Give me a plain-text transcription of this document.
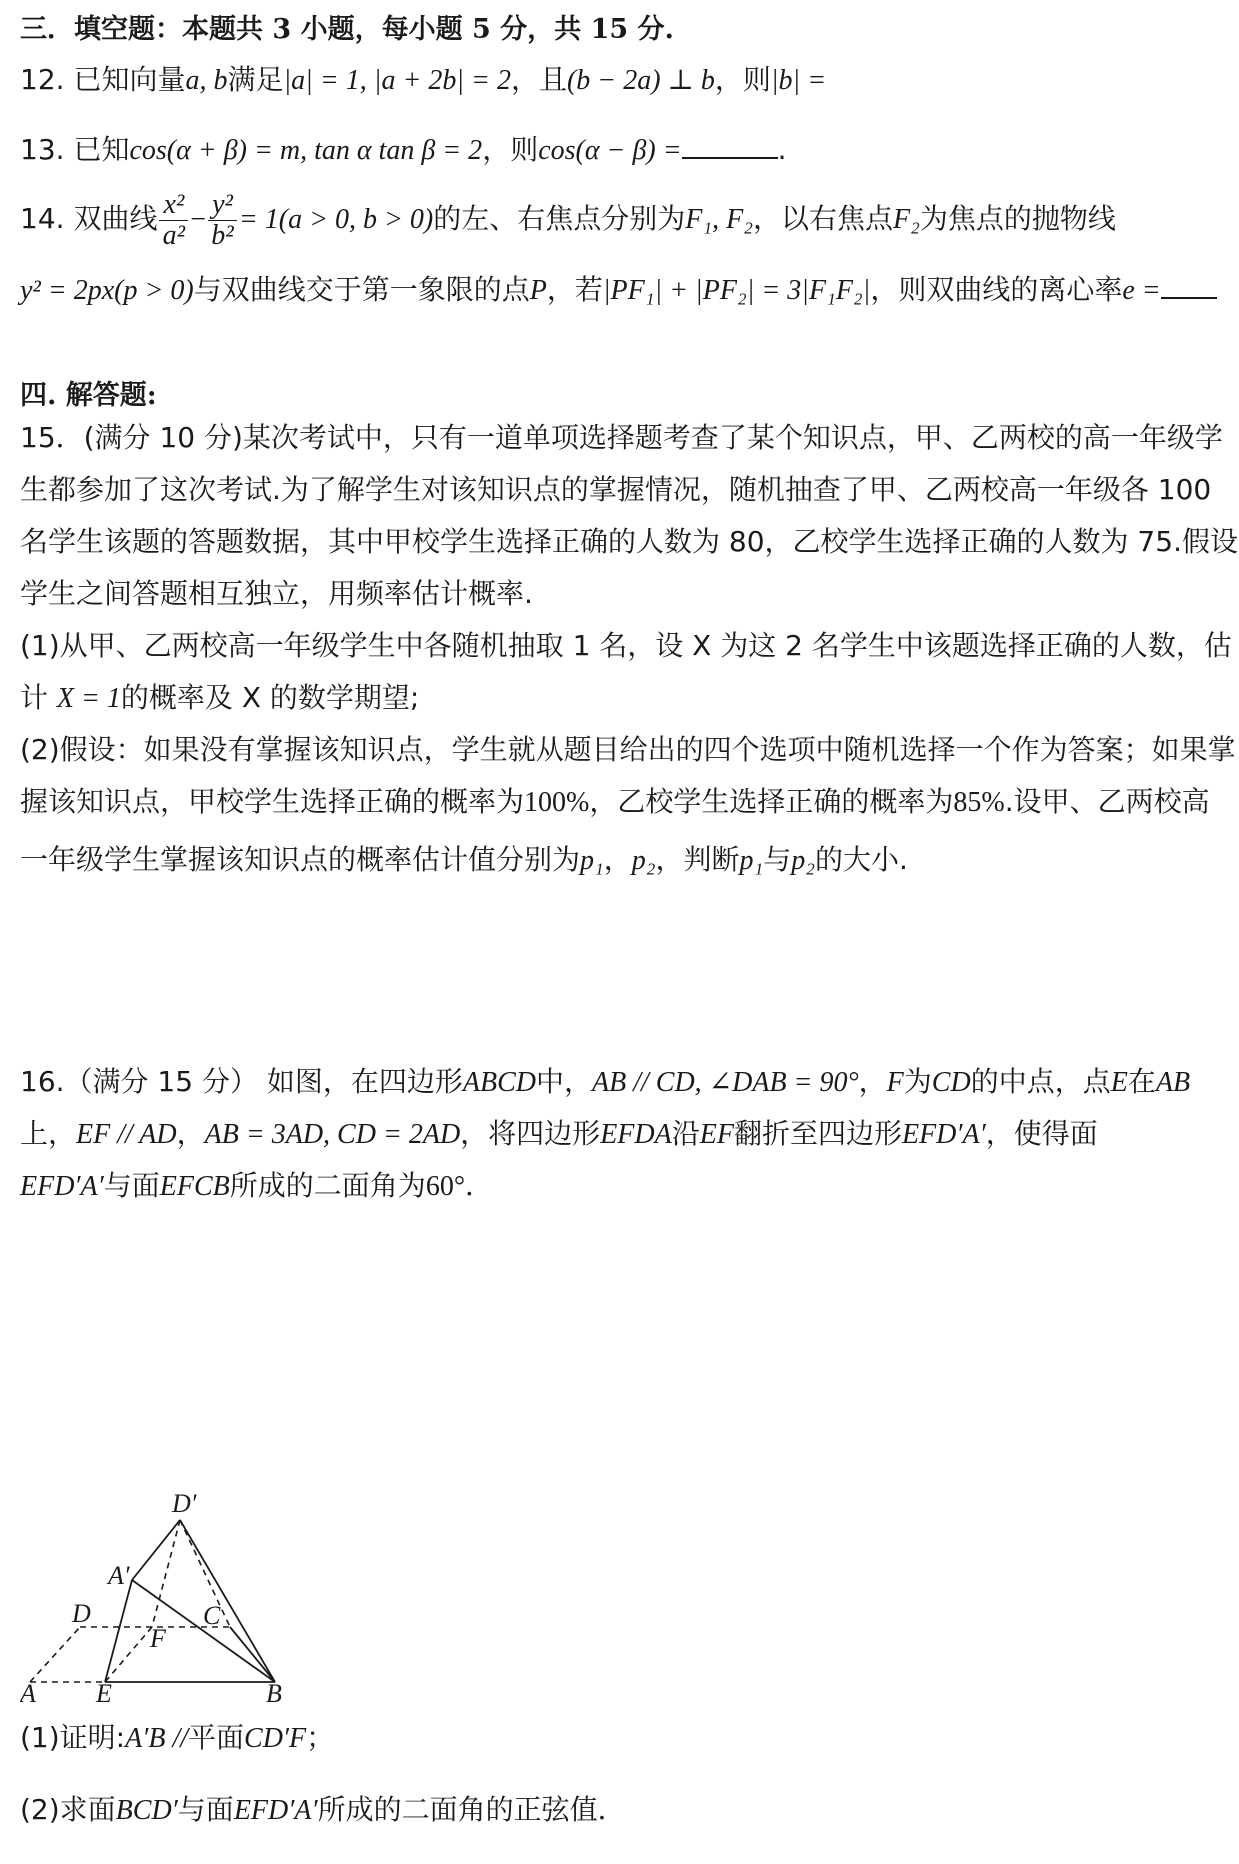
三．填空题：本题共 3 小题，每小题 5 分，共 15 分.
12. 已知向量a, b满足|a| = 1, |a + 2b| = 2，且(b − 2a) ⊥ b，则|b| =
13. 已知cos(α + β) = m, tan α tan β = 2，则cos(α − β) =	.
14. 双曲线 $\frac{\text{x²}}{\text{a²}} - \frac{\text{y²}}{\text{b²}} = 1(a > 0$, b > 0)的左、右焦点分别为F₁, F₂，以右焦点F₂为焦点的抛物线
y² = 2px(p > 0)与双曲线交于第一象限的点P，若|PF₁| + |PF₂| = 3|F₁F₂|，则双曲线的离心率e =
四. 解答题:
15．(满分 10 分)某次考试中，只有一道单项选择题考查了某个知识点，甲、乙两校的高一年级学
生都参加了这次考试.为了解学生对该知识点的掌握情况，随机抽查了甲、乙两校高一年级各 100
名学生该题的答题数据，其中甲校学生选择正确的人数为 80，乙校学生选择正确的人数为 75.假设
学生之间答题相互独立，用频率估计概率.
(1)从甲、乙两校高一年级学生中各随机抽取 1 名，设 X 为这 2 名学生中该题选择正确的人数，估
计 X = 1的概率及 X 的数学期望;
(2)假设：如果没有掌握该知识点，学生就从题目给出的四个选项中随机选择一个作为答案；如果掌
握该知识点，甲校学生选择正确的概率为100%，乙校学生选择正确的概率为85%.设甲、乙两校高
一年级学生掌握该知识点的概率估计值分别为p₁，p₂，判断p₁与p₂的大小.
16.（满分 15 分） 如图，在四边形ABCD中，AB // CD, ∠DAB = 90°，F为CD的中点，点E在AB
上，EF // AD，AB = 3AD, CD = 2AD，将四边形EFDA沿EF翻折至四边形EFD′A′，使得面
EFD′A′与面EFCB所成的二面角为60°．
D′
A′
D	C
F
A E	B
(1)证明:A′B //平面CD′F；
(2)求面BCD′与面EFD′A′所成的二面角的正弦值．
